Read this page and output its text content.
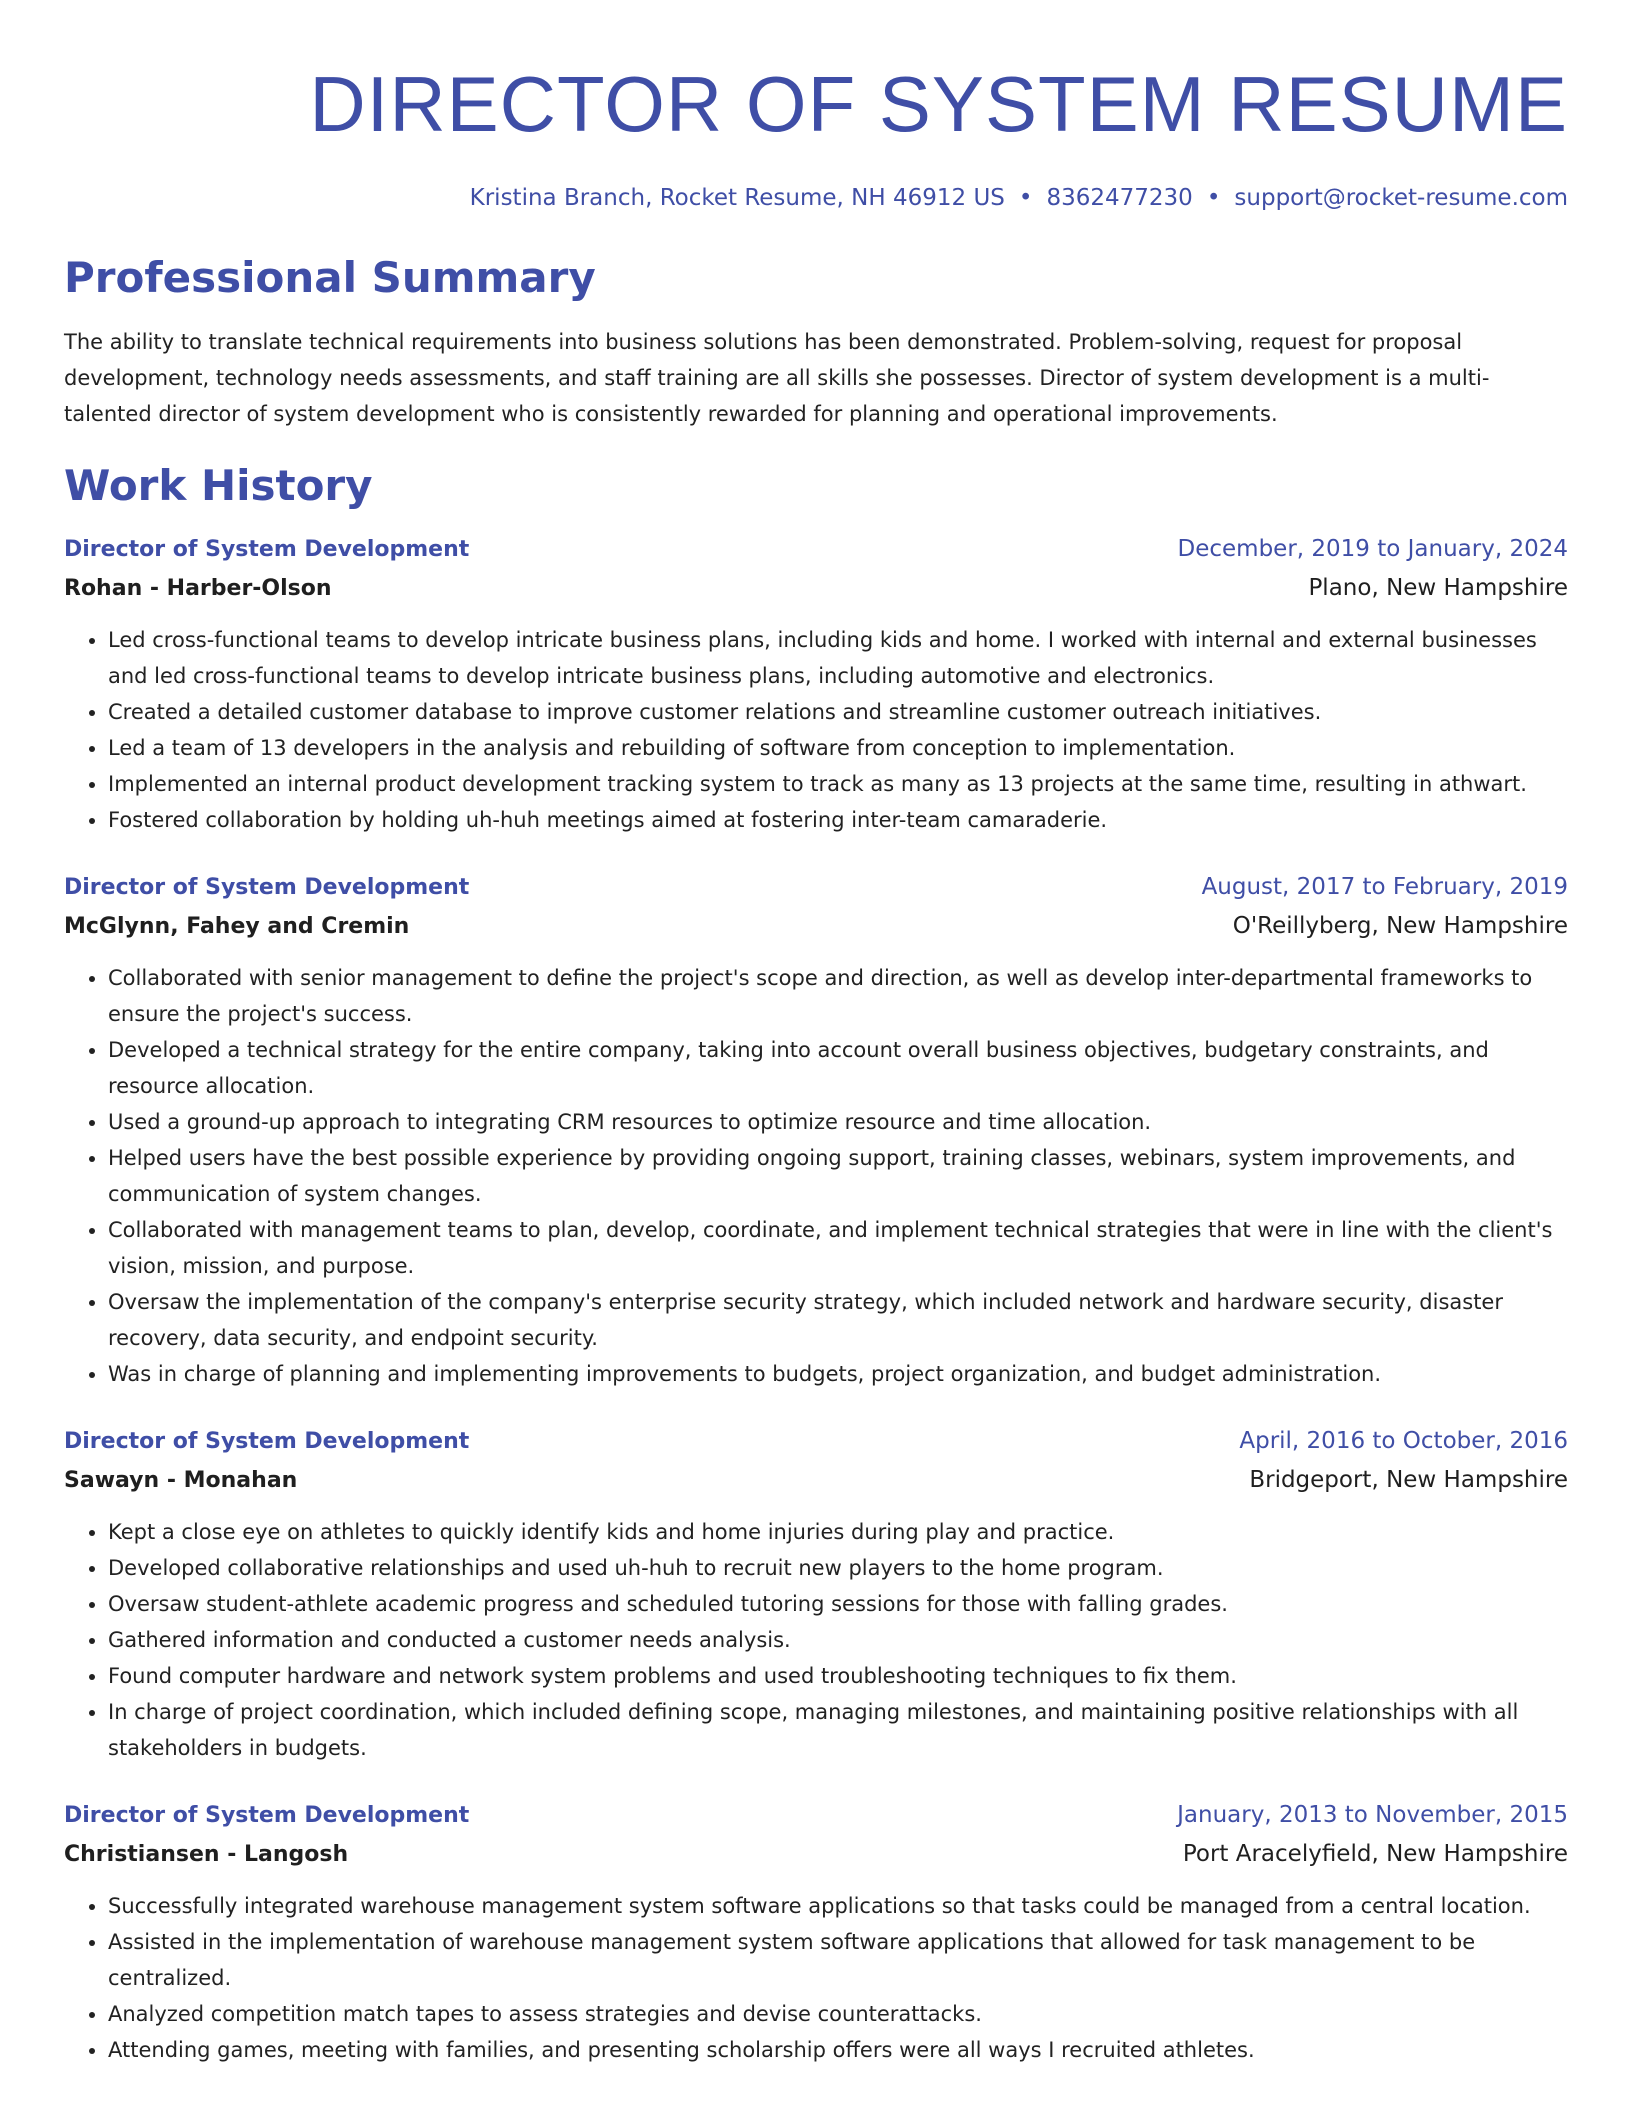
DIRECTOR OF SYSTEM RESUME
Kristina Branch, Rocket Resume, NH 46912 US • 8362477230 • support@rocket-resume.com
Professional Summary

The ability to translate technical requirements into business solutions has been demonstrated. Problem-solving, request for proposal development, technology needs assessments, and staff training are all skills she possesses. Director of system development is a multi-talented director of system development who is consistently rewarded for planning and operational improvements.

Work History
Director of System Development	December, 2019 to January, 2024
Rohan - Harber-Olson	Plano, New Hampshire
• Led cross-functional teams to develop intricate business plans, including kids and home. I worked with internal and external businesses and led cross-functional teams to develop intricate business plans, including automotive and electronics.
• Created a detailed customer database to improve customer relations and streamline customer outreach initiatives.
• Led a team of 13 developers in the analysis and rebuilding of software from conception to implementation.
• Implemented an internal product development tracking system to track as many as 13 projects at the same time, resulting in athwart.
• Fostered collaboration by holding uh-huh meetings aimed at fostering inter-team camaraderie.
Director of System Development	August, 2017 to February, 2019
McGlynn, Fahey and Cremin	O'Reillyberg, New Hampshire
• Collaborated with senior management to define the project's scope and direction, as well as develop inter-departmental frameworks to ensure the project's success.
• Developed a technical strategy for the entire company, taking into account overall business objectives, budgetary constraints, and resource allocation.
• Used a ground-up approach to integrating CRM resources to optimize resource and time allocation.
• Helped users have the best possible experience by providing ongoing support, training classes, webinars, system improvements, and communication of system changes.
• Collaborated with management teams to plan, develop, coordinate, and implement technical strategies that were in line with the client's vision, mission, and purpose.
• Oversaw the implementation of the company's enterprise security strategy, which included network and hardware security, disaster recovery, data security, and endpoint security.
• Was in charge of planning and implementing improvements to budgets, project organization, and budget administration.
Director of System Development	April, 2016 to October, 2016
Sawayn - Monahan	Bridgeport, New Hampshire
• Kept a close eye on athletes to quickly identify kids and home injuries during play and practice.
• Developed collaborative relationships and used uh-huh to recruit new players to the home program.
• Oversaw student-athlete academic progress and scheduled tutoring sessions for those with falling grades.
• Gathered information and conducted a customer needs analysis.
• Found computer hardware and network system problems and used troubleshooting techniques to fix them.
• In charge of project coordination, which included defining scope, managing milestones, and maintaining positive relationships with all stakeholders in budgets.
Director of System Development	January, 2013 to November, 2015
Christiansen - Langosh	Port Aracelyfield, New Hampshire
• Successfully integrated warehouse management system software applications so that tasks could be managed from a central location.
• Assisted in the implementation of warehouse management system software applications that allowed for task management to be centralized.
• Analyzed competition match tapes to assess strategies and devise counterattacks.
• Attending games, meeting with families, and presenting scholarship offers were all ways I recruited athletes.
